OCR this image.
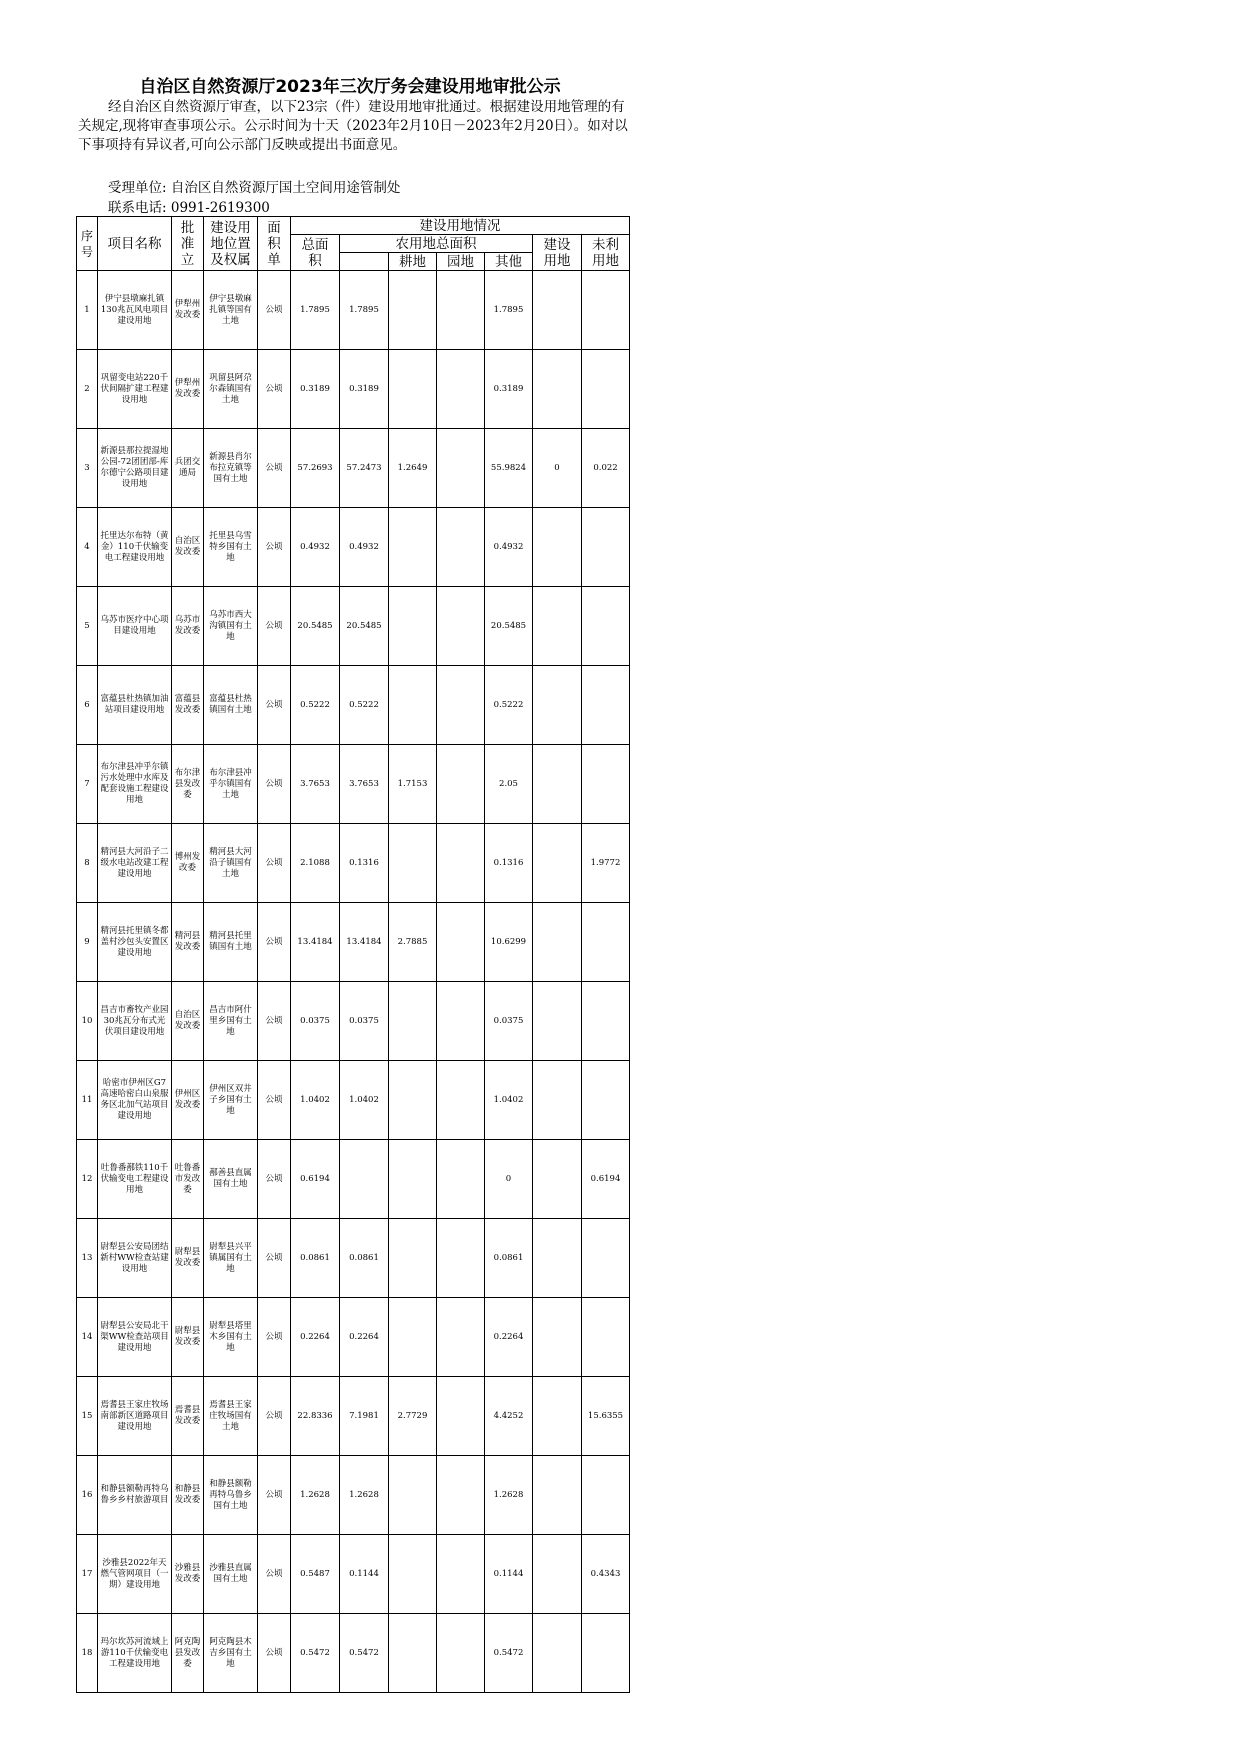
自治区自然资源厅2023年三次厅务会建设用地审批公示
经自治区自然资源厅审查，以下23宗（件）建设用地审批通过。根据建设用地管理的有关规定,现将审查事项公示。公示时间为十天（2023年2月10日－2023年2月20日）。如对以下事项持有异议者,可向公示部门反映或提出书面意见。
受理单位: 自治区自然资源厅国土空间用途管制处
联系电话: 0991-2619300
序号	项目名称	批准立	建设用地位置及权属	面积单	建设用地情况						
					总面积	农用地总面积				建设用地	未利用地
							耕地	园地	其他		
1	伊宁县墩麻扎镇130兆瓦风电项目建设用地	伊犁州发改委	伊宁县墩麻扎镇等国有土地	公顷	1.7895	1.7895			1.7895		
2	巩留变电站220千伏间隔扩建工程建设用地	伊犁州发改委	巩留县阿尕尔森镇国有土地	公顷	0.3189	0.3189			0.3189		
3	新源县那拉提湿地公园-72团团部-库尔德宁公路项目建设用地	兵团交通局	新源县肖尔布拉克镇等国有土地	公顷	57.2693	57.2473	1.2649		55.9824	0	0.022
4	托里达尔布特（黄金）110千伏输变电工程建设用地	自治区发改委	托里县乌雪特乡国有土地	公顷	0.4932	0.4932			0.4932		
5	乌苏市医疗中心项目建设用地	乌苏市发改委	乌苏市西大沟镇国有土地	公顷	20.5485	20.5485			20.5485		
6	富蕴县杜热镇加油站项目建设用地	富蕴县发改委	富蕴县杜热镇国有土地	公顷	0.5222	0.5222			0.5222		
7	布尔津县冲乎尔镇污水处理中水库及配套设施工程建设用地	布尔津县发改委	布尔津县冲乎尔镇国有土地	公顷	3.7653	3.7653	1.7153		2.05		
8	精河县大河沿子二级水电站改建工程建设用地	博州发改委	精河县大河沿子镇国有土地	公顷	2.1088	0.1316			0.1316		1.9772
9	精河县托里镇冬都盖村沙包头安置区建设用地	精河县发改委	精河县托里镇国有土地	公顷	13.4184	13.4184	2.7885		10.6299		
10	昌吉市畜牧产业园30兆瓦分布式光伏项目建设用地	自治区发改委	昌吉市阿什里乡国有土地	公顷	0.0375	0.0375			0.0375		
11	哈密市伊州区G7高速哈密白山泉服务区北加气站项目建设用地	伊州区发改委	伊州区双井子乡国有土地	公顷	1.0402	1.0402			1.0402		
12	吐鲁番鄯铁110千伏输变电工程建设用地	吐鲁番市发改委	鄯善县直属国有土地	公顷	0.6194				0		0.6194
13	尉犁县公安局团结新村WW检查站建设用地	尉犁县发改委	尉犁县兴平镇属国有土地	公顷	0.0861	0.0861			0.0861		
14	尉犁县公安局北干渠WW检查站项目建设用地	尉犁县发改委	尉犁县塔里木乡国有土地	公顷	0.2264	0.2264			0.2264		
15	焉耆县王家庄牧场南部新区道路项目建设用地	焉耆县发改委	焉耆县王家庄牧场国有土地	公顷	22.8336	7.1981	2.7729		4.4252		15.6355
16	和静县额勒再特乌鲁乡乡村旅游项目	和静县发改委	和静县额勒再特乌鲁乡国有土地	公顷	1.2628	1.2628			1.2628		
17	沙雅县2022年天燃气管网项目（一期）建设用地	沙雅县发改委	沙雅县直属国有土地	公顷	0.5487	0.1144			0.1144		0.4343
18	玛尔坎苏河流域上游110千伏输变电工程建设用地	阿克陶县发改委	阿克陶县木吉乡国有土地	公顷	0.5472	0.5472			0.5472		
